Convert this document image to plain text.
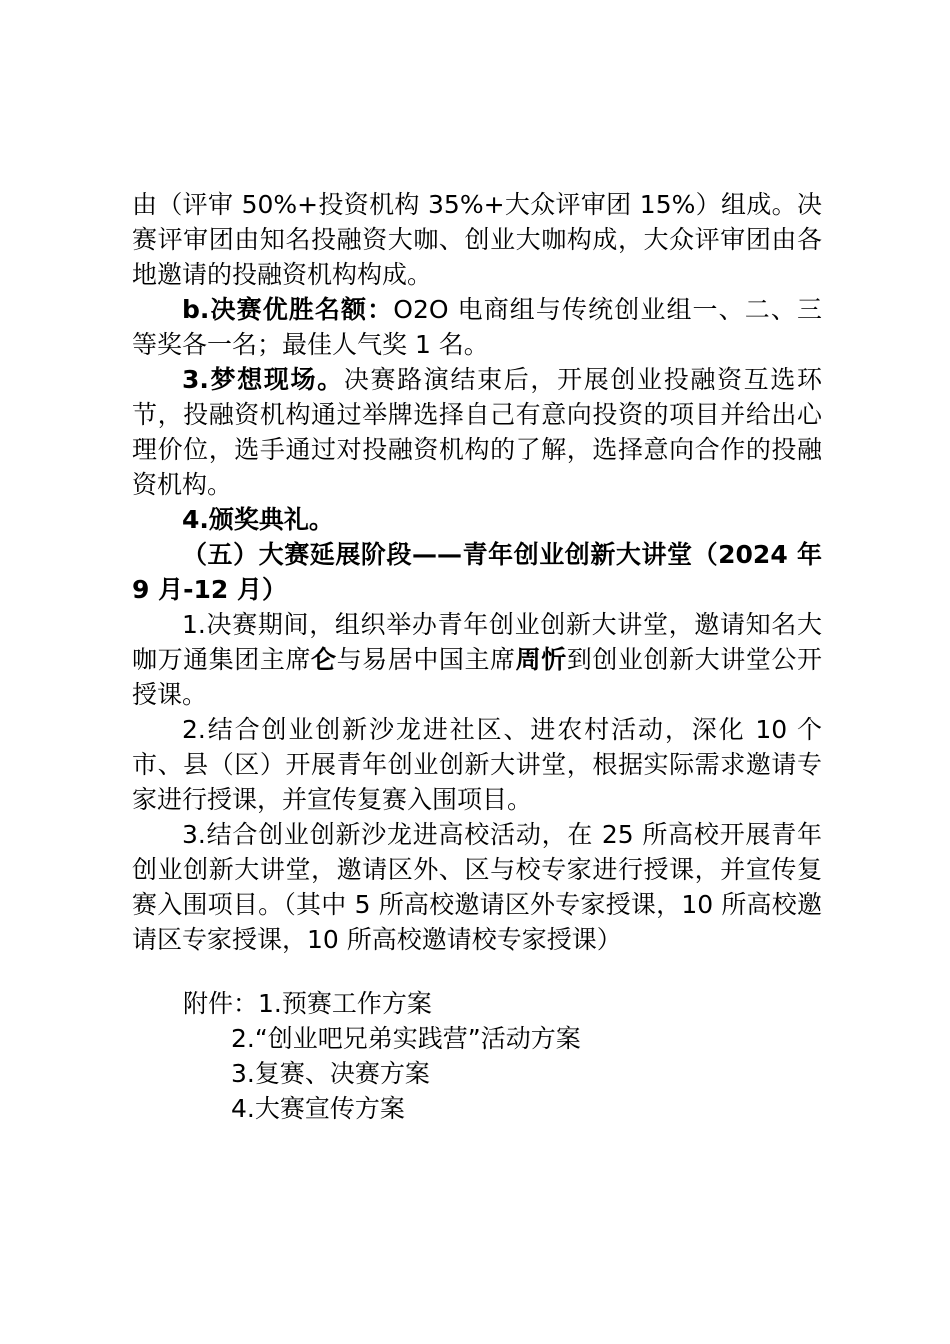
由（评审 50%+投资机构 35%+大众评审团 15%）组成。决赛评审团由知名投融资大咖、创业大咖构成，大众评审团由各地邀请的投融资机构构成。

b.决赛优胜名额：O2O 电商组与传统创业组一、二、三等奖各一名；最佳人气奖 1 名。

3.梦想现场。决赛路演结束后，开展创业投融资互选环节，投融资机构通过举牌选择自己有意向投资的项目并给出心理价位，选手通过对投融资机构的了解，选择意向合作的投融资机构。

4.颁奖典礼。

（五）大赛延展阶段——青年创业创新大讲堂（2024 年 9 月-12 月）

1.决赛期间，组织举办青年创业创新大讲堂，邀请知名大咖万通集团主席仑与易居中国主席周忻到创业创新大讲堂公开授课。

2.结合创业创新沙龙进社区、进农村活动，深化 10 个市、县（区）开展青年创业创新大讲堂，根据实际需求邀请专家进行授课，并宣传复赛入围项目。

3.结合创业创新沙龙进高校活动，在 25 所高校开展青年创业创新大讲堂，邀请区外、区与校专家进行授课，并宣传复赛入围项目。（其中 5 所高校邀请区外专家授课，10 所高校邀请区专家授课，10 所高校邀请校专家授课）

附件：1.预赛工作方案
2.“创业吧兄弟实践营”活动方案
3.复赛、决赛方案
4.大赛宣传方案
